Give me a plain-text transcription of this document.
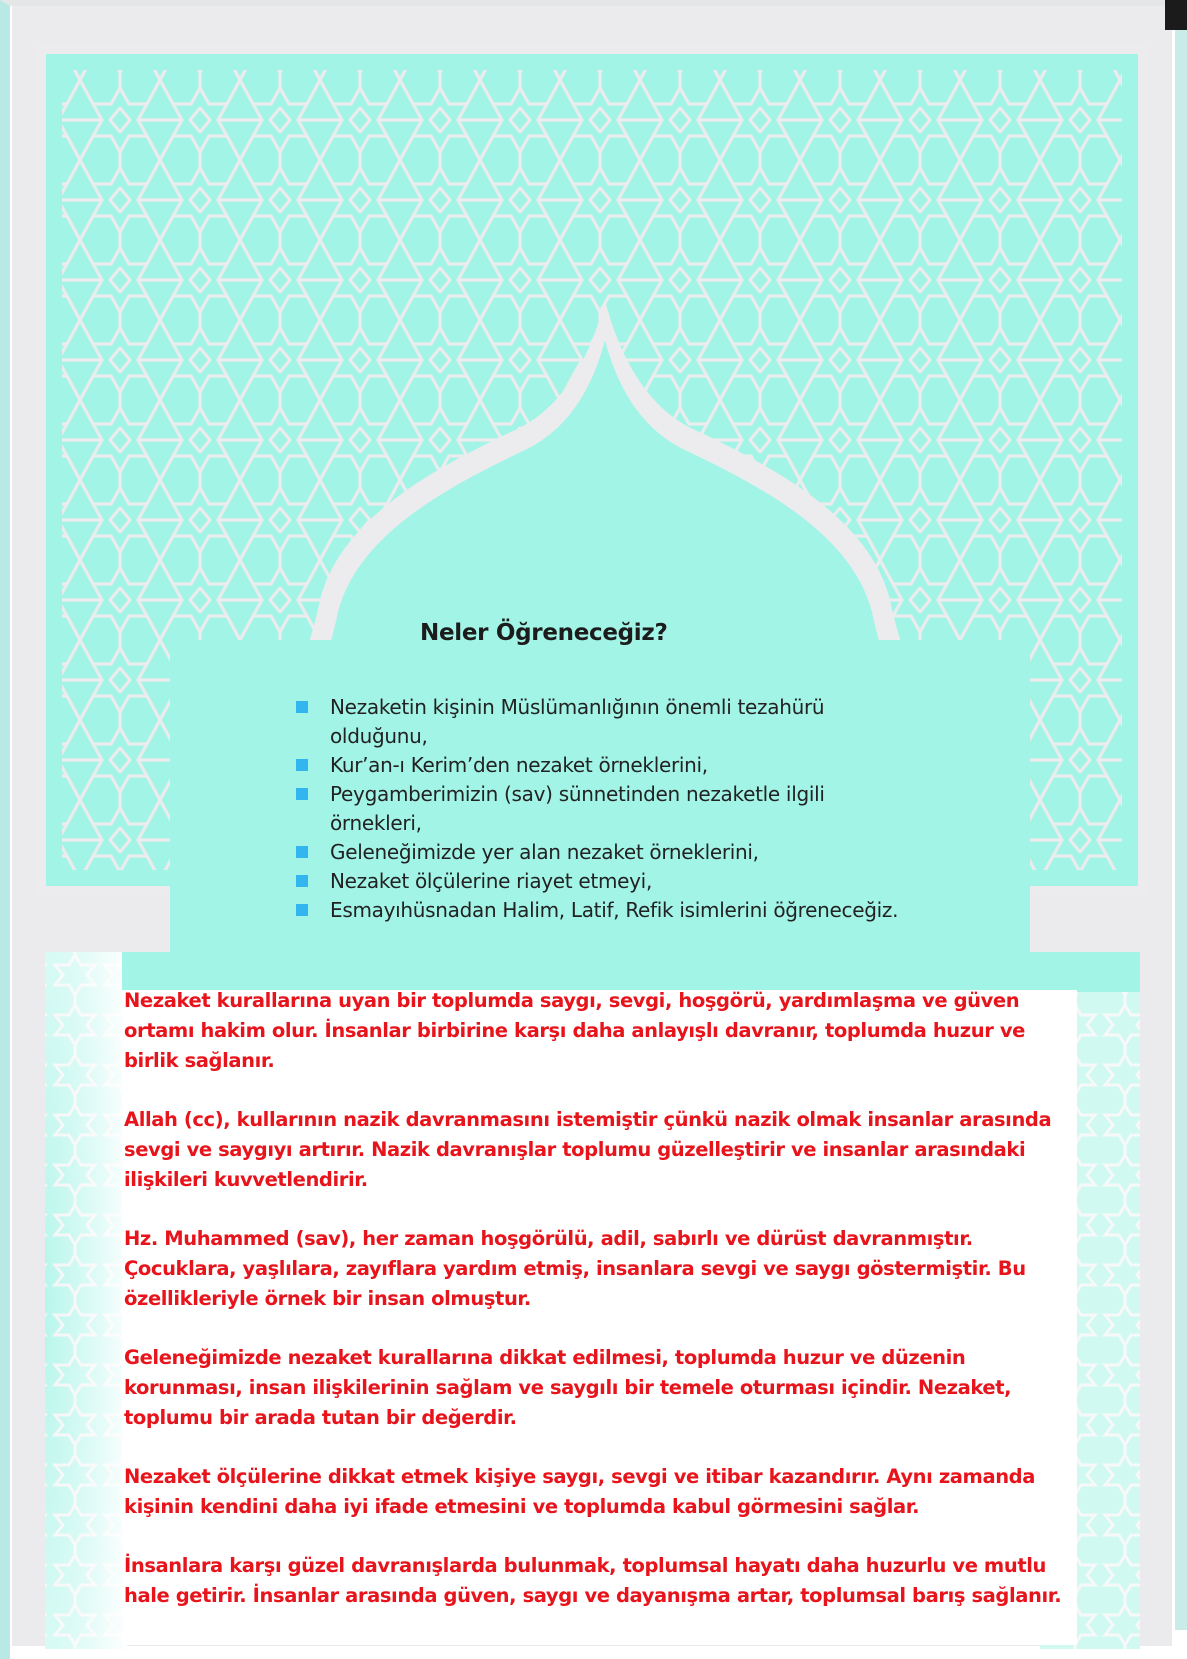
Neler Öğreneceğiz?
Nezaketin kişinin Müslümanlığının önemli tezahürü olduğunu,
Kur’an-ı Kerim’den nezaket örneklerini,
Peygamberimizin (sav) sünnetinden nezaketle ilgili örnekleri,
Geleneğimizde yer alan nezaket örneklerini,
Nezaket ölçülerine riayet etmeyi,
Esmayıhüsnadan Halim, Latif, Refik isimlerini öğreneceğiz.

Nezaket kurallarına uyan bir toplumda saygı, sevgi, hoşgörü, yardımlaşma ve güven ortamı hakim olur. İnsanlar birbirine karşı daha anlayışlı davranır, toplumda huzur ve birlik sağlanır.

Allah (cc), kullarının nazik davranmasını istemiştir çünkü nazik olmak insanlar arasında sevgi ve saygıyı artırır. Nazik davranışlar toplumu güzelleştirir ve insanlar arasındaki ilişkileri kuvvetlendirir.

Hz. Muhammed (sav), her zaman hoşgörülü, adil, sabırlı ve dürüst davranmıştır. Çocuklara, yaşlılara, zayıflara yardım etmiş, insanlara sevgi ve saygı göstermiştir. Bu özellikleriyle örnek bir insan olmuştur.

Geleneğimizde nezaket kurallarına dikkat edilmesi, toplumda huzur ve düzenin korunması, insan ilişkilerinin sağlam ve saygılı bir temele oturması içindir. Nezaket, toplumu bir arada tutan bir değerdir.

Nezaket ölçülerine dikkat etmek kişiye saygı, sevgi ve itibar kazandırır. Aynı zamanda kişinin kendini daha iyi ifade etmesini ve toplumda kabul görmesini sağlar.

İnsanlara karşı güzel davranışlarda bulunmak, toplumsal hayatı daha huzurlu ve mutlu hale getirir. İnsanlar arasında güven, saygı ve dayanışma artar, toplumsal barış sağlanır.
